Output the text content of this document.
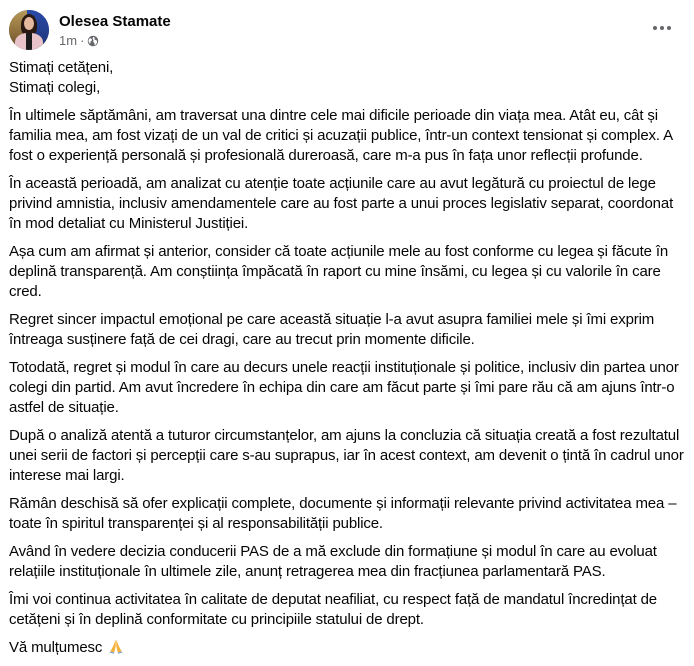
Olesea Stamate
1m ·

Stimați cetățeni,
Stimați colegi,

În ultimele săptămâni, am traversat una dintre cele mai dificile perioade din viața mea. Atât eu, cât și familia mea, am fost vizați de un val de critici și acuzații publice, într-un context tensionat și complex. A fost o experiență personală și profesională dureroasă, care m-a pus în fața unor reflecții profunde.

În această perioadă, am analizat cu atenție toate acțiunile care au avut legătură cu proiectul de lege privind amnistia, inclusiv amendamentele care au fost parte a unui proces legislativ separat, coordonat în mod detaliat cu Ministerul Justiției.

Așa cum am afirmat și anterior, consider că toate acțiunile mele au fost conforme cu legea și făcute în deplină transparență. Am conștiința împăcată în raport cu mine însămi, cu legea și cu valorile în care cred.

Regret sincer impactul emoțional pe care această situație l-a avut asupra familiei mele și îmi exprim întreaga susținere față de cei dragi, care au trecut prin momente dificile.

Totodată, regret și modul în care au decurs unele reacții instituționale și politice, inclusiv din partea unor colegi din partid. Am avut încredere în echipa din care am făcut parte și îmi pare rău că am ajuns într-o astfel de situație.

După o analiză atentă a tuturor circumstanțelor, am ajuns la concluzia că situația creată a fost rezultatul unei serii de factori și percepții care s-au suprapus, iar în acest context, am devenit o țintă în cadrul unor interese mai largi.

Rămân deschisă să ofer explicații complete, documente și informații relevante privind activitatea mea – toate în spiritul transparenței și al responsabilității publice.

Având în vedere decizia conducerii PAS de a mă exclude din formațiune și modul în care au evoluat relațiile instituționale în ultimele zile, anunț retragerea mea din fracțiunea parlamentară PAS.

Îmi voi continua activitatea în calitate de deputat neafiliat, cu respect față de mandatul încredințat de cetățeni și în deplină conformitate cu principiile statului de drept.

Vă mulțumesc
